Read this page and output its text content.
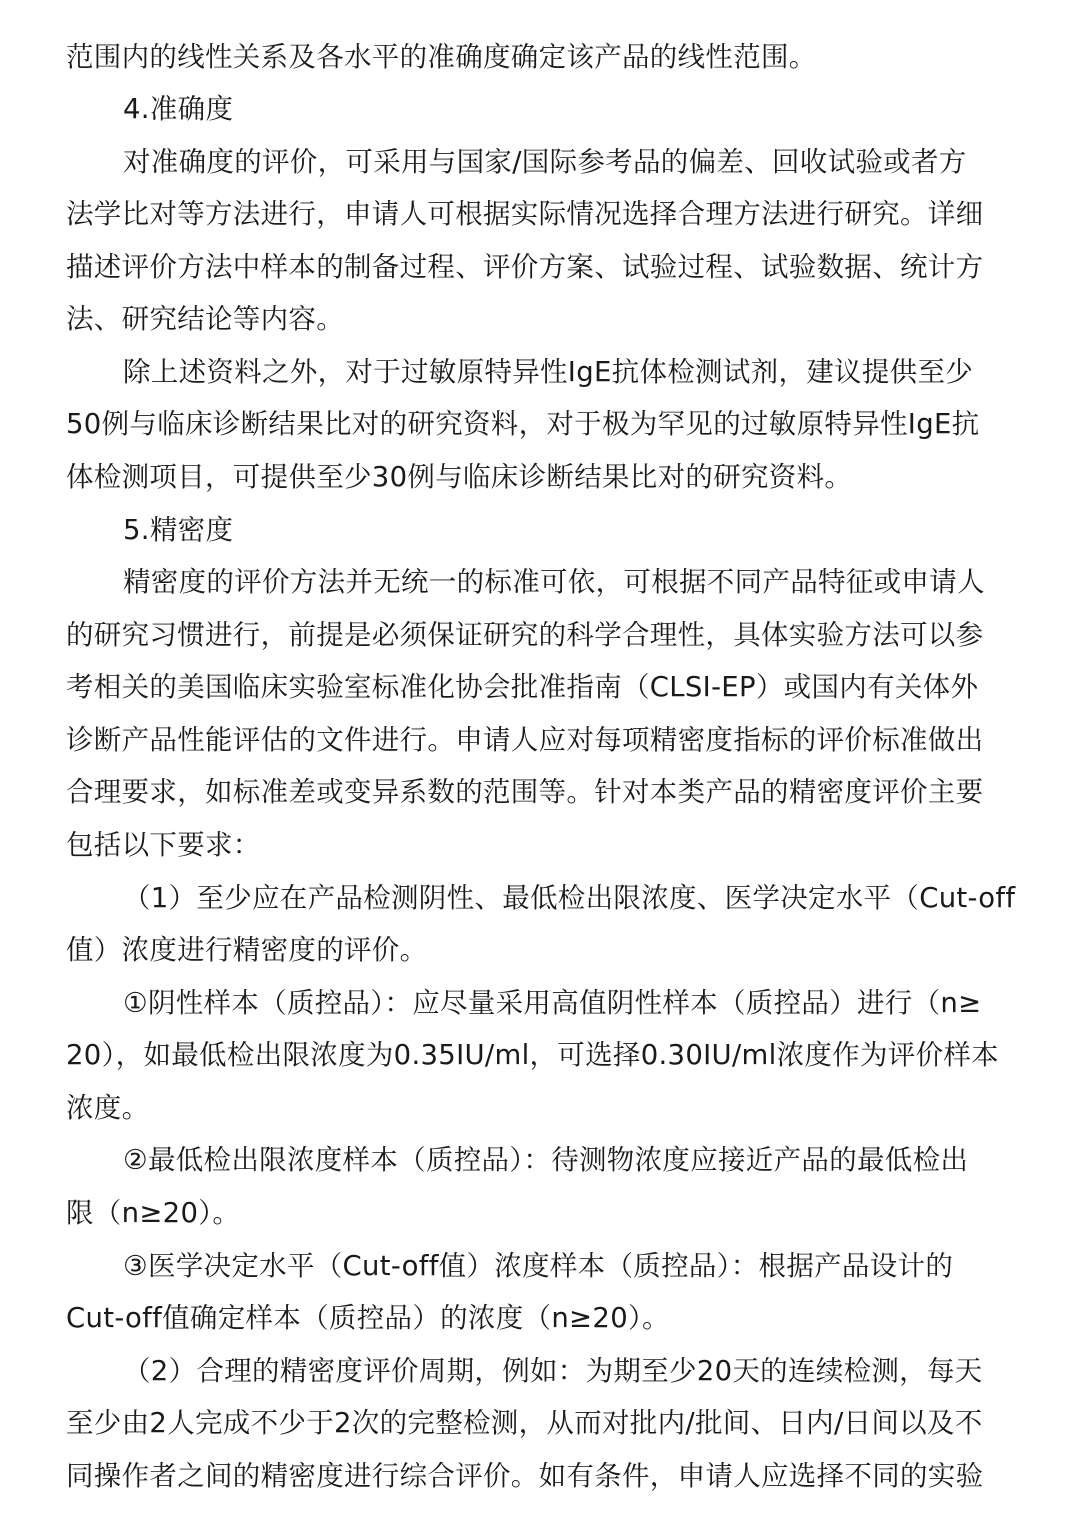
范围内的线性关系及各水平的准确度确定该产品的线性范围。
4.准确度
对准确度的评价，可采用与国家/国际参考品的偏差、回收试验或者方
法学比对等方法进行，申请人可根据实际情况选择合理方法进行研究。详细
描述评价方法中样本的制备过程、评价方案、试验过程、试验数据、统计方
法、研究结论等内容。
除上述资料之外，对于过敏原特异性IgE抗体检测试剂，建议提供至少
50例与临床诊断结果比对的研究资料，对于极为罕见的过敏原特异性IgE抗
体检测项目，可提供至少30例与临床诊断结果比对的研究资料。
5.精密度
精密度的评价方法并无统一的标准可依，可根据不同产品特征或申请人
的研究习惯进行，前提是必须保证研究的科学合理性，具体实验方法可以参
考相关的美国临床实验室标准化协会批准指南（CLSI-EP）或国内有关体外
诊断产品性能评估的文件进行。申请人应对每项精密度指标的评价标准做出
合理要求，如标准差或变异系数的范围等。针对本类产品的精密度评价主要
包括以下要求：
（1）至少应在产品检测阴性、最低检出限浓度、医学决定水平（Cut-off
值）浓度进行精密度的评价。
①阴性样本（质控品）：应尽量采用高值阴性样本（质控品）进行（n≥
20），如最低检出限浓度为0.35IU/ml，可选择0.30IU/ml浓度作为评价样本
浓度。
②最低检出限浓度样本（质控品）：待测物浓度应接近产品的最低检出
限（n≥20）。
③医学决定水平（Cut-off值）浓度样本（质控品）：根据产品设计的
Cut-off值确定样本（质控品）的浓度（n≥20）。
（2）合理的精密度评价周期，例如：为期至少20天的连续检测，每天
至少由2人完成不少于2次的完整检测，从而对批内/批间、日内/日间以及不
同操作者之间的精密度进行综合评价。如有条件，申请人应选择不同的实验
